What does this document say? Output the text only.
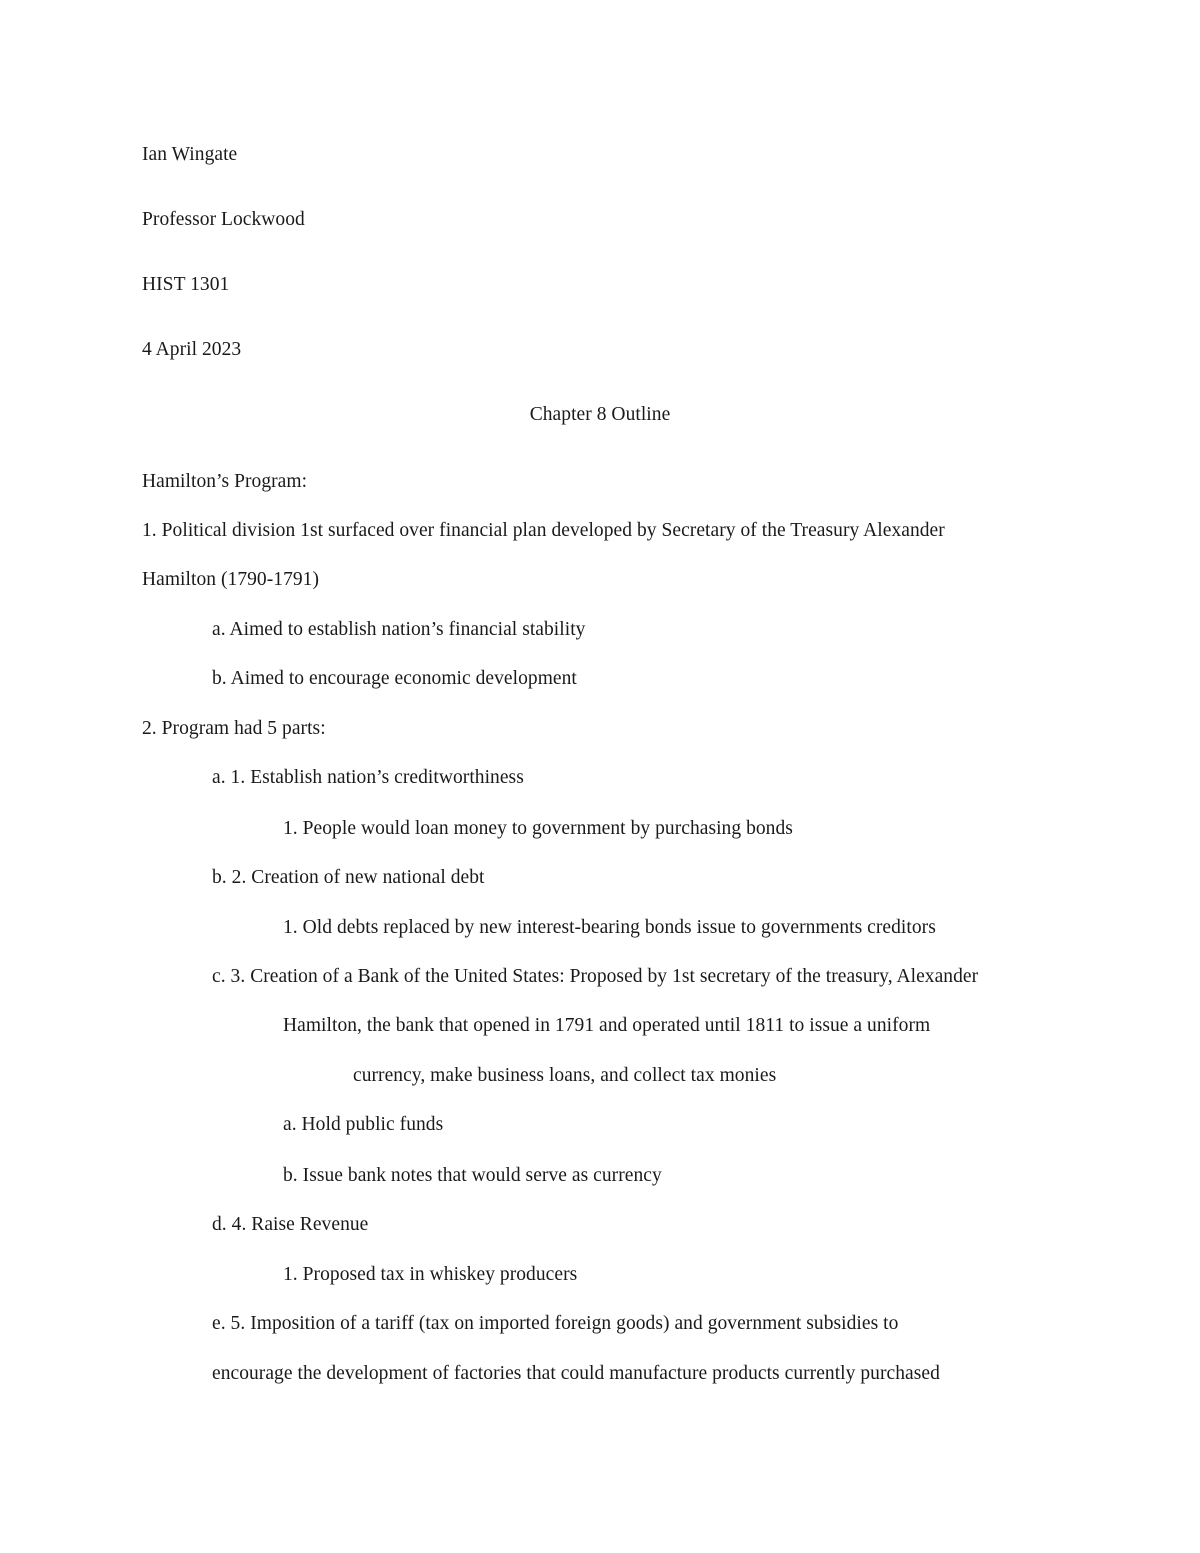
Ian Wingate
Professor Lockwood
HIST 1301
4 April 2023
Chapter 8 Outline
Hamilton’s Program:
1. Political division 1st surfaced over financial plan developed by Secretary of the Treasury Alexander
Hamilton (1790-1791)
a. Aimed to establish nation’s financial stability
b. Aimed to encourage economic development
2. Program had 5 parts:
a. 1. Establish nation’s creditworthiness
1. People would loan money to government by purchasing bonds
b. 2. Creation of new national debt
1. Old debts replaced by new interest-bearing bonds issue to governments creditors
c. 3. Creation of a Bank of the United States: Proposed by 1st secretary of the treasury, Alexander
Hamilton, the bank that opened in 1791 and operated until 1811 to issue a uniform
currency, make business loans, and collect tax monies
a. Hold public funds
b. Issue bank notes that would serve as currency
d. 4. Raise Revenue
1. Proposed tax in whiskey producers
e. 5. Imposition of a tariff (tax on imported foreign goods) and government subsidies to
encourage the development of factories that could manufacture products currently purchased
